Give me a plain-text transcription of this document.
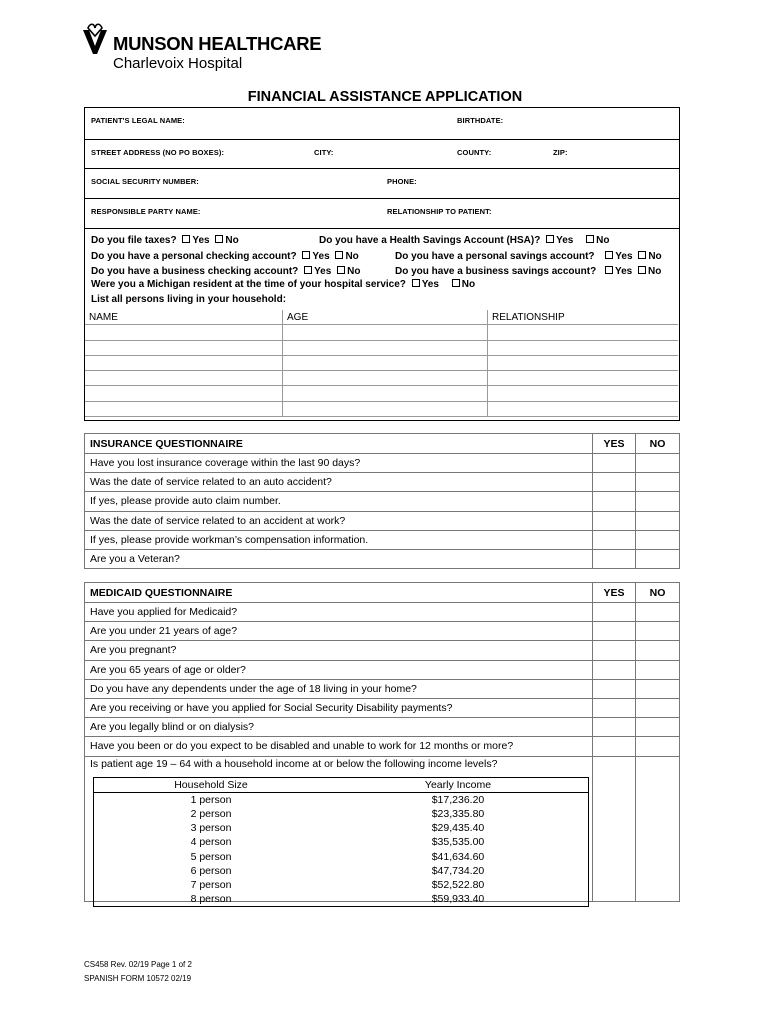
MUNSON HEALTHCARE
Charlevoix Hospital
FINANCIAL ASSISTANCE APPLICATION
PATIENT'S LEGAL NAME:	BIRTHDATE:
STREET ADDRESS (NO PO BOXES):	CITY:	COUNTY:	ZIP:
SOCIAL SECURITY NUMBER:	PHONE:
RESPONSIBLE PARTY NAME:	RELATIONSHIP TO PATIENT:
Do you file taxes? Yes No	Do you have a Health Savings Account (HSA)? Yes No
Do you have a personal checking account? Yes No	Do you have a personal savings account? Yes No
Do you have a business checking account? Yes No	Do you have a business savings account? Yes No
Were you a Michigan resident at the time of your hospital service? Yes No
List all persons living in your household:
NAME	AGE	RELATIONSHIP

INSURANCE QUESTIONNAIRE	YES	NO
Have you lost insurance coverage within the last 90 days?		
Was the date of service related to an auto accident?		
If yes, please provide auto claim number.		
Was the date of service related to an accident at work?		
If yes, please provide workman’s compensation information.		
Are you a Veteran?		
MEDICAID QUESTIONNAIRE	YES	NO
Have you applied for Medicaid?		
Are you under 21 years of age?		
Are you pregnant?		
Are you 65 years of age or older?		
Do you have any dependents under the age of 18 living in your home?		
Are you receiving or have you applied for Social Security Disability payments?		
Are you legally blind or on dialysis?		
Have you been or do you expect to be disabled and unable to work for 12 months or more?		
Is patient age 19 – 64 with a household income at or below the following income levels?		
Household Size	Yearly Income
1 person	$17,236.20
2 person	$23,335.80
3 person	$29,435.40
4 person	$35,535.00
5 person	$41,634.60
6 person	$47,734.20
7 person	$52,522.80
8 person	$59,933.40
CS458 Rev. 02/19 Page 1 of 2
SPANISH FORM 10572 02/19
